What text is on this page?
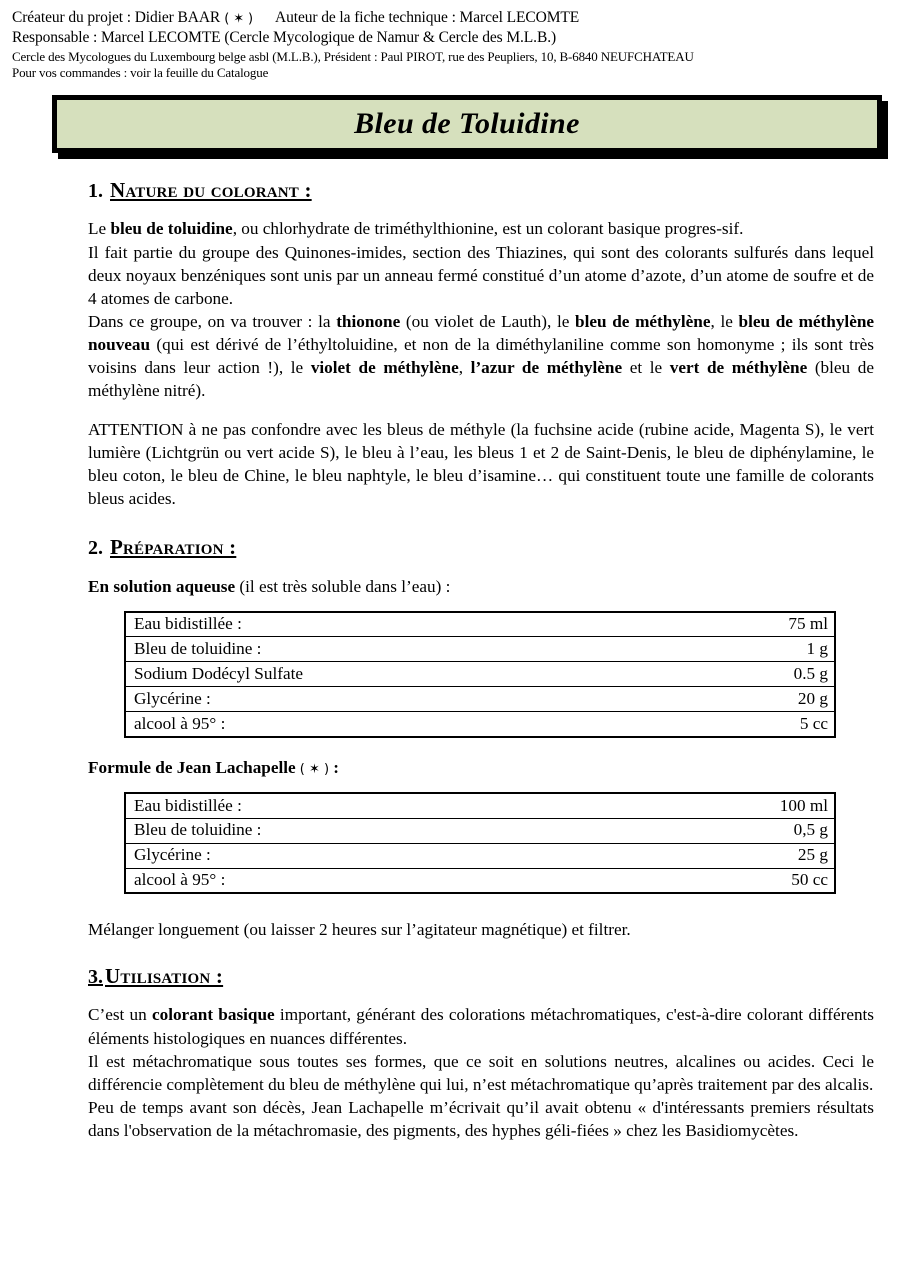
Créateur du projet : Didier BAAR ( ✶ ) Auteur de la fiche technique : Marcel LECOMTE
Responsable : Marcel LECOMTE (Cercle Mycologique de Namur & Cercle des M.L.B.)
Cercle des Mycologues du Luxembourg belge asbl (M.L.B.), Président : Paul PIROT, rue des Peupliers, 10, B-6840 NEUFCHATEAU
Pour vos commandes : voir la feuille du Catalogue
Bleu de Toluidine
1. Nature du colorant :

Le bleu de toluidine, ou chlorhydrate de triméthylthionine, est un colorant basique progres-sif.

Il fait partie du groupe des Quinones-imides, section des Thiazines, qui sont des colorants sulfurés dans lequel deux noyaux benzéniques sont unis par un anneau fermé constitué d’un atome d’azote, d’un atome de soufre et de 4 atomes de carbone.

Dans ce groupe, on va trouver : la thionone (ou violet de Lauth), le bleu de méthylène, le bleu de méthylène nouveau (qui est dérivé de l’éthyltoluidine, et non de la diméthylaniline comme son homonyme ; ils sont très voisins dans leur action !), le violet de méthylène, l’azur de méthylène et le vert de méthylène (bleu de méthylène nitré).

ATTENTION à ne pas confondre avec les bleus de méthyle (la fuchsine acide (rubine acide, Magenta S), le vert lumière (Lichtgrün ou vert acide S), le bleu à l’eau, les bleus 1 et 2 de Saint-Denis, le bleu de diphénylamine, le bleu coton, le bleu de Chine, le bleu naphtyle, le bleu d’isamine… qui constituent toute une famille de colorants bleus acides.

2. Préparation :
En solution aqueuse (il est très soluble dans l’eau) :
Eau bidistillée :	75 ml
Bleu de toluidine :	1 g
Sodium Dodécyl Sulfate	0.5 g
Glycérine :	20 g
alcool à 95° :	5 cc
Formule de Jean Lachapelle ( ✶ ) :
Eau bidistillée :	100 ml
Bleu de toluidine :	0,5 g
Glycérine :	25 g
alcool à 95° :	50 cc

Mélanger longuement (ou laisser 2 heures sur l’agitateur magnétique) et filtrer.

3.Utilisation :

C’est un colorant basique important, générant des colorations métachromatiques, c'est-à-dire colorant différents éléments histologiques en nuances différentes.

Il est métachromatique sous toutes ses formes, que ce soit en solutions neutres, alcalines ou acides. Ceci le différencie complètement du bleu de méthylène qui lui, n’est métachromatique qu’après traitement par des alcalis.

Peu de temps avant son décès, Jean Lachapelle m’écrivait qu’il avait obtenu « d'intéressants premiers résultats dans l'observation de la métachromasie, des pigments, des hyphes géli-fiées » chez les Basidiomycètes.
